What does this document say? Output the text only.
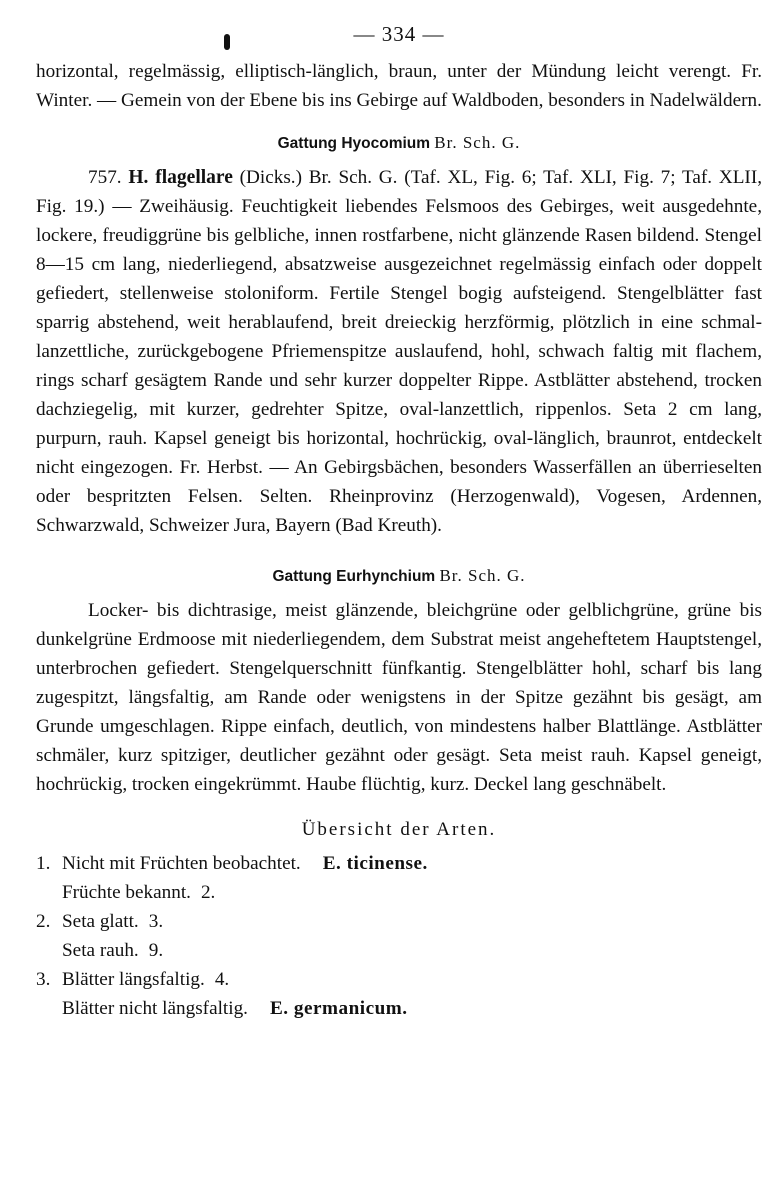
— 334 —

horizontal, regelmässig, elliptisch-länglich, braun, unter der Mündung leicht verengt. Fr. Winter. — Gemein von der Ebene bis ins Gebirge auf Waldboden, besonders in Nadelwäldern.

Gattung Hyocomium Br. Sch. G.

757. H. flagellare (Dicks.) Br. Sch. G. (Taf. XL, Fig. 6; Taf. XLI, Fig. 7; Taf. XLII, Fig. 19.) — Zweihäusig. Feuchtigkeit liebendes Felsmoos des Gebirges, weit ausgedehnte, lockere, freudiggrüne bis gelbliche, innen rostfarbene, nicht glänzende Rasen bildend. Stengel 8—15 cm lang, niederliegend, absatzweise ausgezeichnet regelmässig einfach oder doppelt gefiedert, stellenweise stoloniform. Fertile Stengel bogig aufsteigend. Stengelblätter fast sparrig abstehend, weit herablaufend, breit dreieckig herzförmig, plötzlich in eine schmal-lanzettliche, zurückgebogene Pfriemenspitze auslaufend, hohl, schwach faltig mit flachem, rings scharf gesägtem Rande und sehr kurzer doppelter Rippe. Astblätter abstehend, trocken dachziegelig, mit kurzer, gedrehter Spitze, oval-lanzettlich, rippenlos. Seta 2 cm lang, purpurn, rauh. Kapsel geneigt bis horizontal, hochrückig, oval-länglich, braunrot, entdeckelt nicht eingezogen. Fr. Herbst. — An Gebirgsbächen, besonders Wasserfällen an überrieselten oder bespritzten Felsen. Selten. Rheinprovinz (Herzogenwald), Vogesen, Ardennen, Schwarzwald, Schweizer Jura, Bayern (Bad Kreuth).

Gattung Eurhynchium Br. Sch. G.

Locker- bis dichtrasige, meist glänzende, bleichgrüne oder gelblichgrüne, grüne bis dunkelgrüne Erdmoose mit niederliegendem, dem Substrat meist angeheftetem Hauptstengel, unterbrochen gefiedert. Stengelquerschnitt fünfkantig. Stengelblätter hohl, scharf bis lang zugespitzt, längsfaltig, am Rande oder wenigstens in der Spitze gezähnt bis gesägt, am Grunde umgeschlagen. Rippe einfach, deutlich, von mindestens halber Blattlänge. Astblätter schmäler, kurz spitziger, deutlicher gezähnt oder gesägt. Seta meist rauh. Kapsel geneigt, hochrückig, trocken eingekrümmt. Haube flüchtig, kurz. Deckel lang geschnäbelt.

Übersicht der Arten.
1. Nicht mit Früchten beobachtet. E. ticinense.
Früchte bekannt. 2.
2. Seta glatt. 3.
Seta rauh. 9.
3. Blätter längsfaltig. 4.
Blätter nicht längsfaltig. E. germanicum.
